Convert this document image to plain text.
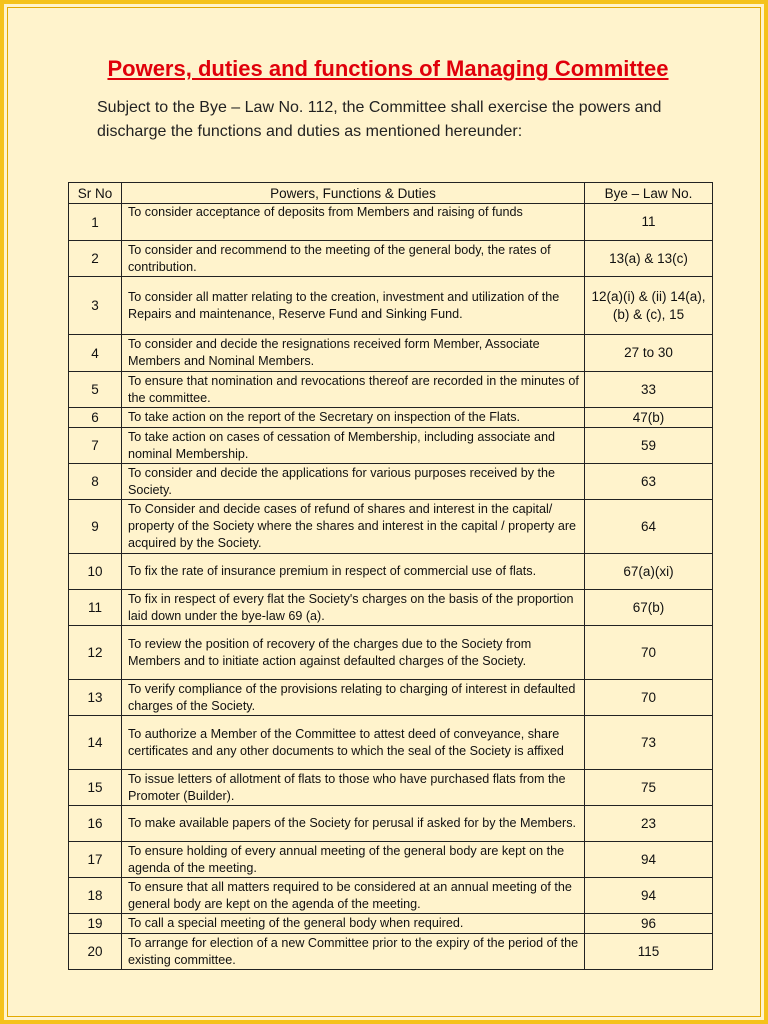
Powers, duties and functions of Managing Committee
Subject to the Bye – Law No. 112, the Committee shall exercise the powers and discharge the functions and duties as mentioned hereunder:
Sr No	Powers, Functions & Duties	Bye – Law No.
1	To consider acceptance of deposits from Members and raising of funds	11
2	To consider and recommend to the meeting of the general body, the rates of contribution.	13(a) & 13(c)
3	To consider all matter relating to the creation, investment and utilization of the Repairs and maintenance, Reserve Fund and Sinking Fund.	12(a)(i) & (ii) 14(a),(b) & (c), 15
4	To consider and decide the resignations received form Member, Associate Members and Nominal Members.	27 to 30
5	To ensure that nomination and revocations thereof are recorded in the minutes of the committee.	33
6	To take action on the report of the Secretary on inspection of the Flats.	47(b)
7	To take action on cases of cessation of Membership, including associate and nominal Membership.	59
8	To consider and decide the applications for various purposes received by the Society.	63
9	To Consider and decide cases of refund of shares and interest in the capital/ property of the Society where the shares and interest in the capital / property are acquired by the Society.	64
10	To fix the rate of insurance premium in respect of commercial use of flats.	67(a)(xi)
11	To fix in respect of every flat the Society's charges on the basis of the proportion laid down under the bye-law 69 (a).	67(b)
12	To review the position of recovery of the charges due to the Society from Members and to initiate action against defaulted charges of the Society.	70
13	To verify compliance of the provisions relating to charging of interest in defaulted charges of the Society.	70
14	To authorize a Member of the Committee to attest deed of conveyance, share certificates and any other documents to which the seal of the Society is affixed	73
15	To issue letters of allotment of flats to those who have purchased flats from the Promoter (Builder).	75
16	To make available papers of the Society for perusal if asked for by the Members.	23
17	To ensure holding of every annual meeting of the general body are kept on the agenda of the meeting.	94
18	To ensure that all matters required to be considered at an annual meeting of the general body are kept on the agenda of the meeting.	94
19	To call a special meeting of the general body when required.	96
20	To arrange for election of a new Committee prior to the expiry of the period of the existing committee.	115
